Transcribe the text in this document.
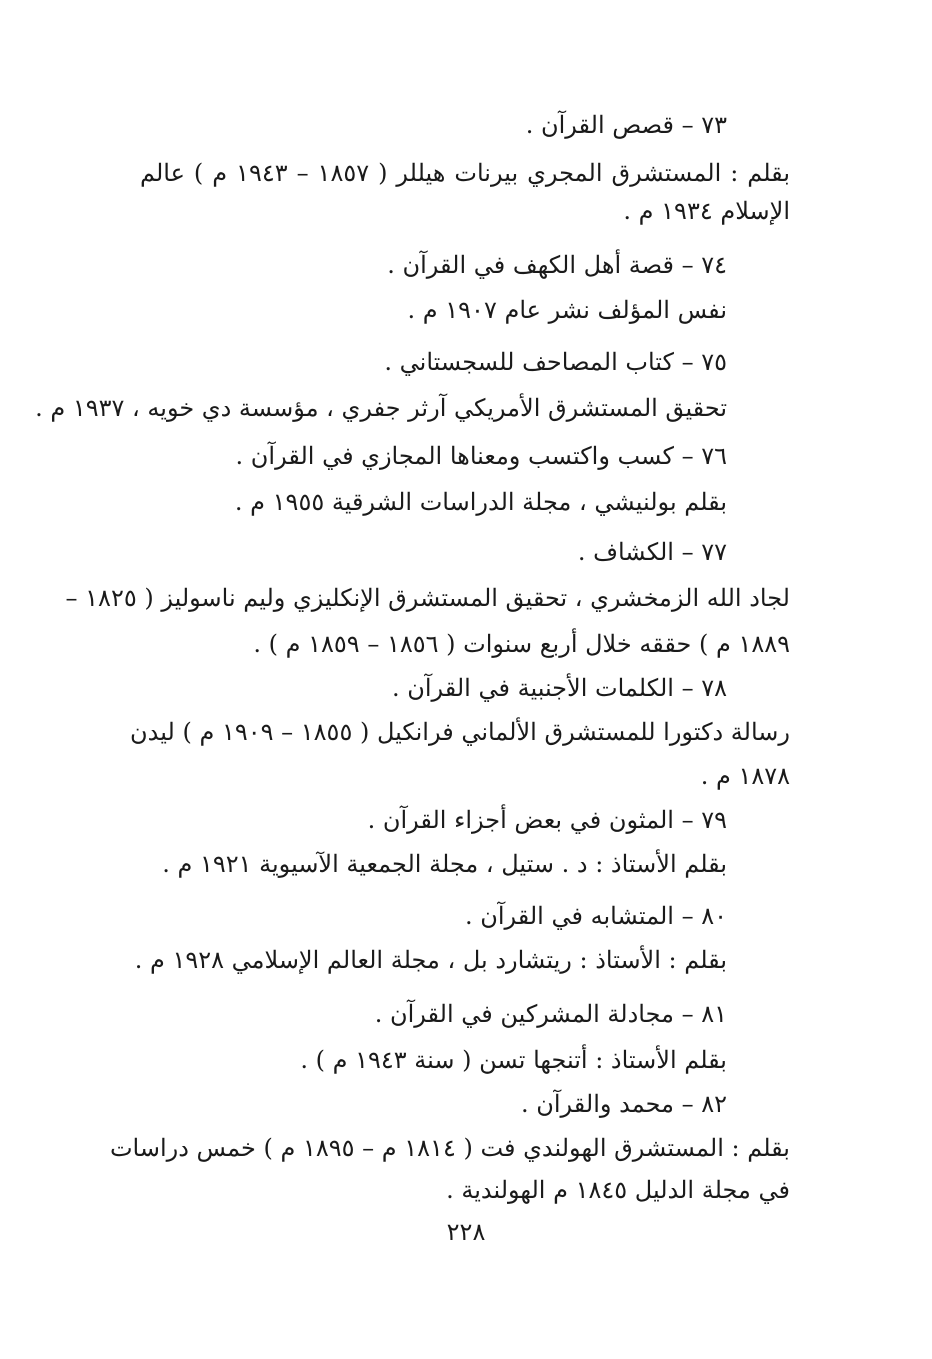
٧٣ – قصص القرآن .
بقلم : المستشرق المجري بيرنات هيللر ( ١٨٥٧ – ١٩٤٣ م ) عالم
الإسلام ١٩٣٤ م .
٧٤ – قصة أهل الكهف في القرآن .
نفس المؤلف نشر عام ١٩٠٧ م .
٧٥ – كتاب المصاحف للسجستاني .
تحقيق المستشرق الأمريكي آرثر جفري ، مؤسسة دي خويه ، ١٩٣٧ م .
٧٦ – كسب واكتسب ومعناها المجازي في القرآن .
بقلم بولنيشي ، مجلة الدراسات الشرقية ١٩٥٥ م .
٧٧ – الكشاف .
لجاد الله الزمخشري ، تحقيق المستشرق الإنكليزي وليم ناسوليز ( ١٨٢٥ –
١٨٨٩ م ) حققه خلال أربع سنوات ( ١٨٥٦ – ١٨٥٩ م ) .
٧٨ – الكلمات الأجنبية في القرآن .
رسالة دكتورا للمستشرق الألماني فرانكيل ( ١٨٥٥ – ١٩٠٩ م ) ليدن
١٨٧٨ م .
٧٩ – المثون في بعض أجزاء القرآن .
بقلم الأستاذ : د . ستيل ، مجلة الجمعية الآسيوية ١٩٢١ م .
٨٠ – المتشابه في القرآن .
بقلم : الأستاذ : ريتشارد بل ، مجلة العالم الإسلامي ١٩٢٨ م .
٨١ – مجادلة المشركين في القرآن .
بقلم الأستاذ : أتنجها تسن ( سنة ١٩٤٣ م ) .
٨٢ – محمد والقرآن .
بقلم : المستشرق الهولندي فت ( ١٨١٤ م – ١٨٩٥ م ) خمس دراسات
في مجلة الدليل ١٨٤٥ م الهولندية .
٢٢٨
